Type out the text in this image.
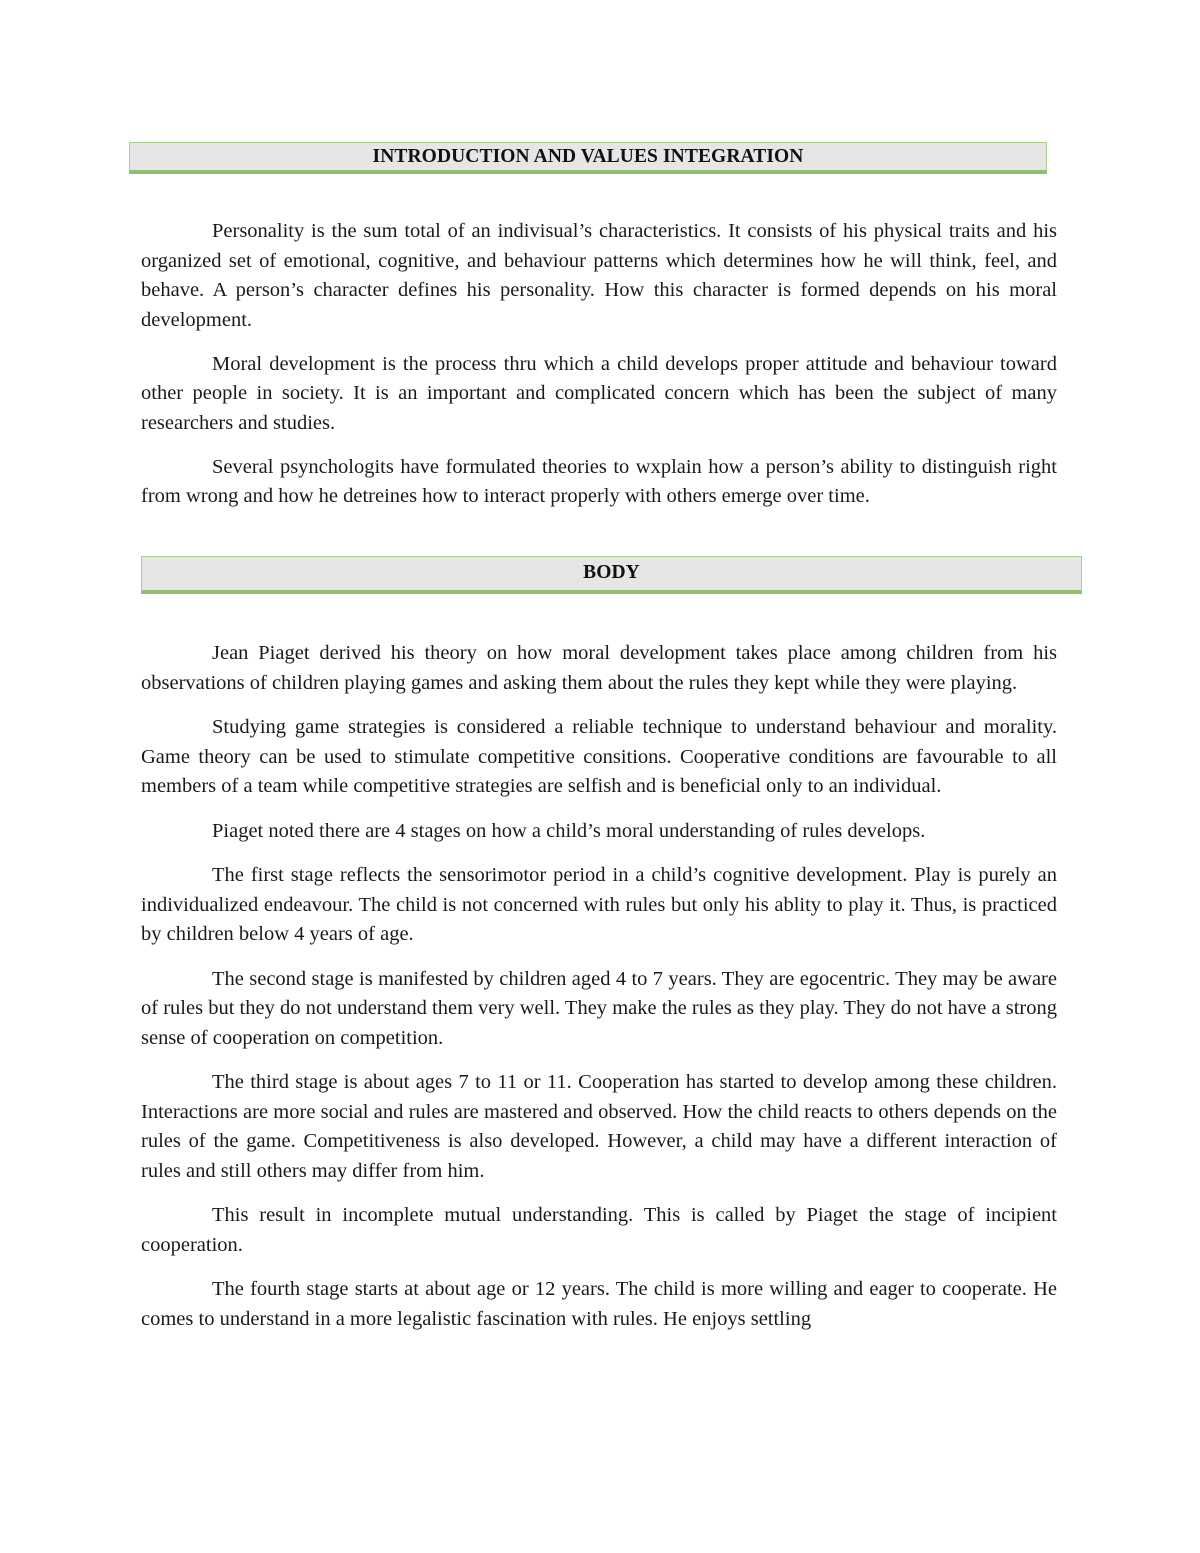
INTRODUCTION AND VALUES INTEGRATION

Personality is the sum total of an indivisual’s characteristics. It consists of his physical traits and his organized set of emotional, cognitive, and behaviour patterns which determines how he will think, feel, and behave. A person’s character defines his personality. How this character is formed depends on his moral development.

Moral development is the process thru which a child develops proper attitude and behaviour toward other people in society. It is an important and complicated concern which has been the subject of many researchers and studies.

Several psynchologits have formulated theories to wxplain how a person’s ability to distinguish right from wrong and how he detreines how to interact properly with others emerge over time.

BODY

Jean Piaget derived his theory on how moral development takes place among children from his observations of children playing games and asking them about the rules they kept while they were playing.

Studying game strategies is considered a reliable technique to understand behaviour and morality. Game theory can be used to stimulate competitive consitions. Cooperative conditions are favourable to all members of a team while competitive strategies are selfish and is beneficial only to an individual.

Piaget noted there are 4 stages on how a child’s moral understanding of rules develops.

The first stage reflects the sensorimotor period in a child’s cognitive development. Play is purely an individualized endeavour. The child is not concerned with rules but only his ablity to play it. Thus, is practiced by children below 4 years of age.

The second stage is manifested by children aged 4 to 7 years. They are egocentric. They may be aware of rules but they do not understand them very well. They make the rules as they play. They do not have a strong sense of cooperation on competition.

The third stage is about ages 7 to 11 or 11. Cooperation has started to develop among these children. Interactions are more social and rules are mastered and observed. How the child reacts to others depends on the rules of the game. Competitiveness is also developed. However, a child may have a different interaction of rules and still others may differ from him.

This result in incomplete mutual understanding. This is called by Piaget the stage of incipient cooperation.

The fourth stage starts at about age or 12 years. The child is more willing and eager to cooperate. He comes to understand in a more legalistic fascination with rules. He enjoys settling
